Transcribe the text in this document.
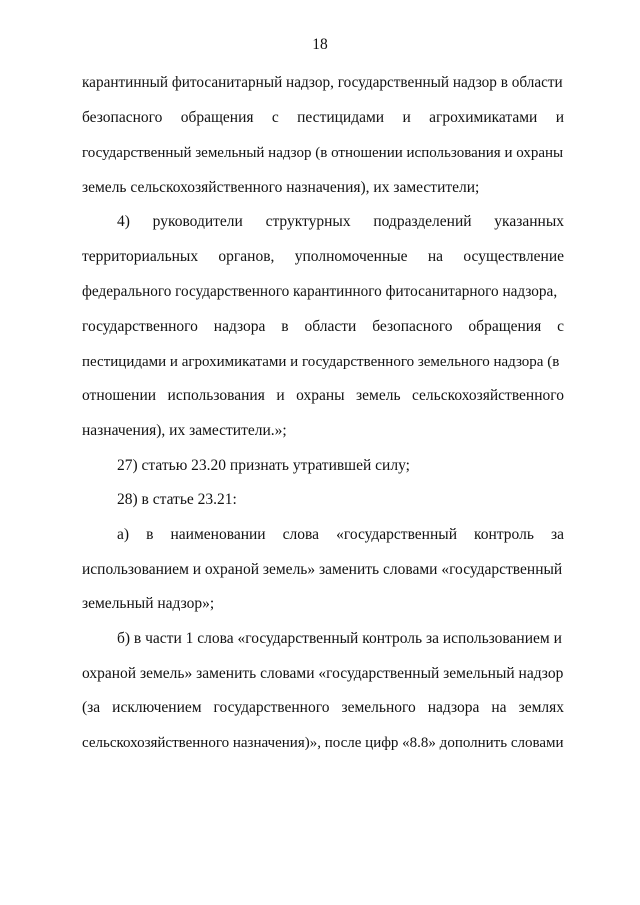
18
карантинный фитосанитарный надзор, государственный надзор в области
безопасного обращения с пестицидами и агрохимикатами и
государственный земельный надзор (в отношении использования и охраны
земель сельскохозяйственного назначения), их заместители;
4) руководители структурных подразделений указанных
территориальных органов, уполномоченные на осуществление
федерального государственного карантинного фитосанитарного надзора,
государственного надзора в области безопасного обращения с
пестицидами и агрохимикатами и государственного земельного надзора (в
отношении использования и охраны земель сельскохозяйственного
назначения), их заместители.»;
27) статью 23.20 признать утратившей силу;
28) в статье 23.21:
а) в наименовании слова «государственный контроль за
использованием и охраной земель» заменить словами «государственный
земельный надзор»;
б) в части 1 слова «государственный контроль за использованием и
охраной земель» заменить словами «государственный земельный надзор
(за исключением государственного земельного надзора на землях
сельскохозяйственного назначения)», после цифр «8.8» дополнить словами
